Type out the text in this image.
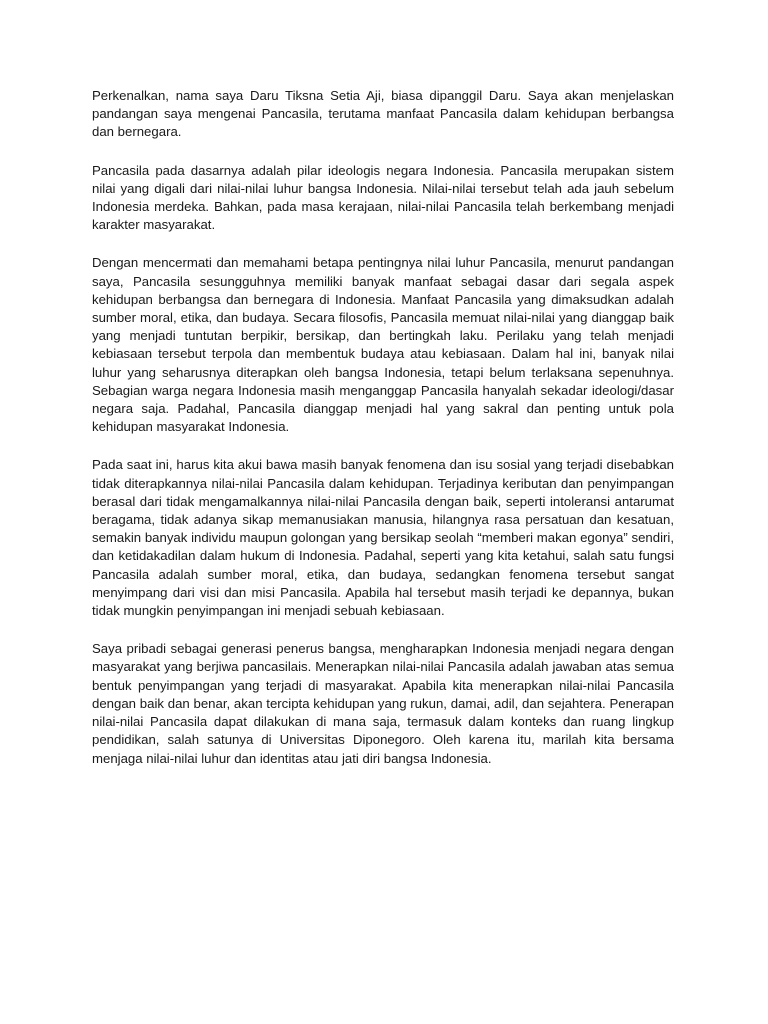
Perkenalkan, nama saya Daru Tiksna Setia Aji, biasa dipanggil Daru. Saya akan menjelaskan pandangan saya mengenai Pancasila, terutama manfaat Pancasila dalam kehidupan berbangsa dan bernegara.

Pancasila pada dasarnya adalah pilar ideologis negara Indonesia. Pancasila merupakan sistem nilai yang digali dari nilai-nilai luhur bangsa Indonesia. Nilai-nilai tersebut telah ada jauh sebelum Indonesia merdeka. Bahkan, pada masa kerajaan, nilai-nilai Pancasila telah berkembang menjadi karakter masyarakat.

Dengan mencermati dan memahami betapa pentingnya nilai luhur Pancasila, menurut pandangan saya, Pancasila sesungguhnya memiliki banyak manfaat sebagai dasar dari segala aspek kehidupan berbangsa dan bernegara di Indonesia. Manfaat Pancasila yang dimaksudkan adalah sumber moral, etika, dan budaya. Secara filosofis, Pancasila memuat nilai-nilai yang dianggap baik yang menjadi tuntutan berpikir, bersikap, dan bertingkah laku. Perilaku yang telah menjadi kebiasaan tersebut terpola dan membentuk budaya atau kebiasaan. Dalam hal ini, banyak nilai luhur yang seharusnya diterapkan oleh bangsa Indonesia, tetapi belum terlaksana sepenuhnya. Sebagian warga negara Indonesia masih menganggap Pancasila hanyalah sekadar ideologi/dasar negara saja. Padahal, Pancasila dianggap menjadi hal yang sakral dan penting untuk pola kehidupan masyarakat Indonesia.

Pada saat ini, harus kita akui bawa masih banyak fenomena dan isu sosial yang terjadi disebabkan tidak diterapkannya nilai-nilai Pancasila dalam kehidupan. Terjadinya keributan dan penyimpangan berasal dari tidak mengamalkannya nilai-nilai Pancasila dengan baik, seperti intoleransi antarumat beragama, tidak adanya sikap memanusiakan manusia, hilangnya rasa persatuan dan kesatuan, semakin banyak individu maupun golongan yang bersikap seolah “memberi makan egonya” sendiri, dan ketidakadilan dalam hukum di Indonesia. Padahal, seperti yang kita ketahui, salah satu fungsi Pancasila adalah sumber moral, etika, dan budaya, sedangkan fenomena tersebut sangat menyimpang dari visi dan misi Pancasila. Apabila hal tersebut masih terjadi ke depannya, bukan tidak mungkin penyimpangan ini menjadi sebuah kebiasaan.

Saya pribadi sebagai generasi penerus bangsa, mengharapkan Indonesia menjadi negara dengan masyarakat yang berjiwa pancasilais. Menerapkan nilai-nilai Pancasila adalah jawaban atas semua bentuk penyimpangan yang terjadi di masyarakat. Apabila kita menerapkan nilai-nilai Pancasila dengan baik dan benar, akan tercipta kehidupan yang rukun, damai, adil, dan sejahtera. Penerapan nilai-nilai Pancasila dapat dilakukan di mana saja, termasuk dalam konteks dan ruang lingkup pendidikan, salah satunya di Universitas Diponegoro. Oleh karena itu, marilah kita bersama menjaga nilai-nilai luhur dan identitas atau jati diri bangsa Indonesia.
